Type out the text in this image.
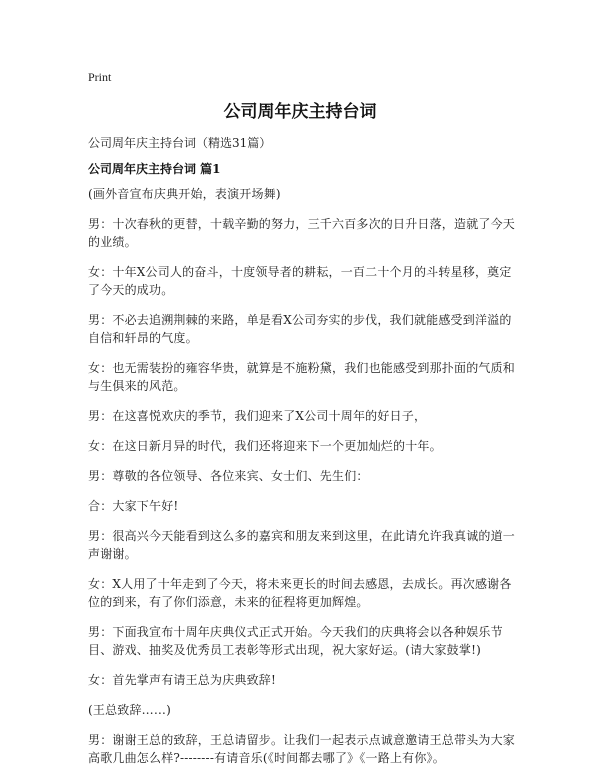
Print
公司周年庆主持台词
公司周年庆主持台词（精选31篇）
公司周年庆主持台词 篇1

(画外音宣布庆典开始，表演开场舞)

男：十次春秋的更替，十载辛勤的努力，三千六百多次的日升日落，造就了今天的业绩。

女：十年X公司人的奋斗，十度领导者的耕耘，一百二十个月的斗转星移，奠定了今天的成功。

男：不必去追溯荆棘的来路，单是看X公司夯实的步伐，我们就能感受到洋溢的自信和轩昂的气度。

女：也无需装扮的雍容华贵，就算是不施粉黛，我们也能感受到那扑面的气质和与生俱来的风范。

男：在这喜悦欢庆的季节，我们迎来了X公司十周年的好日子，

女：在这日新月异的时代，我们还将迎来下一个更加灿烂的十年。

男：尊敬的各位领导、各位来宾、女士们、先生们：

合：大家下午好!

男：很高兴今天能看到这么多的嘉宾和朋友来到这里，在此请允许我真诚的道一声谢谢。

女：X人用了十年走到了今天，将未来更长的时间去感恩，去成长。再次感谢各位的到来，有了你们添意，未来的征程将更加辉煌。

男：下面我宣布十周年庆典仪式正式开始。今天我们的庆典将会以各种娱乐节目、游戏、抽奖及优秀员工表彰等形式出现，祝大家好运。(请大家鼓掌!)

女：首先掌声有请王总为庆典致辞!

(王总致辞……)

男：谢谢王总的致辞，王总请留步。让我们一起表示点诚意邀请王总带头为大家高歌几曲怎么样?--------有请音乐(《时间都去哪了》《一路上有你》。
